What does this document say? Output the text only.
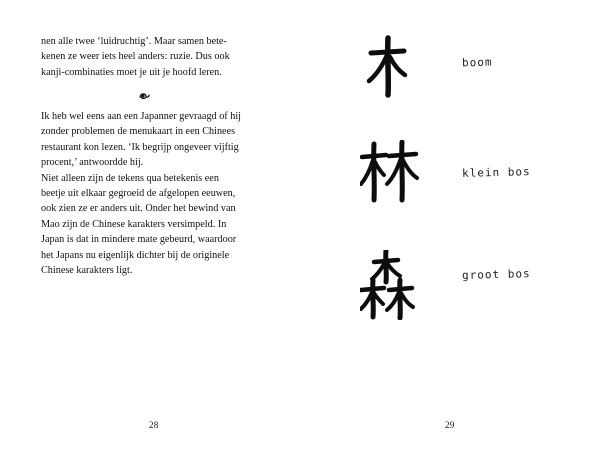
nen alle twee ‘luidruchtig’. Maar samen bete-
kenen ze weer iets heel anders: ruzie. Dus ook
kanji-combinaties moet je uit je hoofd leren.

Ik heb wel eens aan een Japanner gevraagd of hij
zonder problemen de menukaart in een Chinees
restaurant kon lezen. ‘Ik begrijp ongeveer vijftig
procent,’ antwoordde hij.

Niet alleen zijn de tekens qua betekenis een
beetje uit elkaar gegroeid de afgelopen eeuwen,
ook zien ze er anders uit. Onder het bewind van
Mao zijn de Chinese karakters versimpeld. In
Japan is dat in mindere mate gebeurd, waardoor
het Japans nu eigenlijk dichter bij de originele
Chinese karakters ligt.

28
boom
klein bos
groot bos
29
